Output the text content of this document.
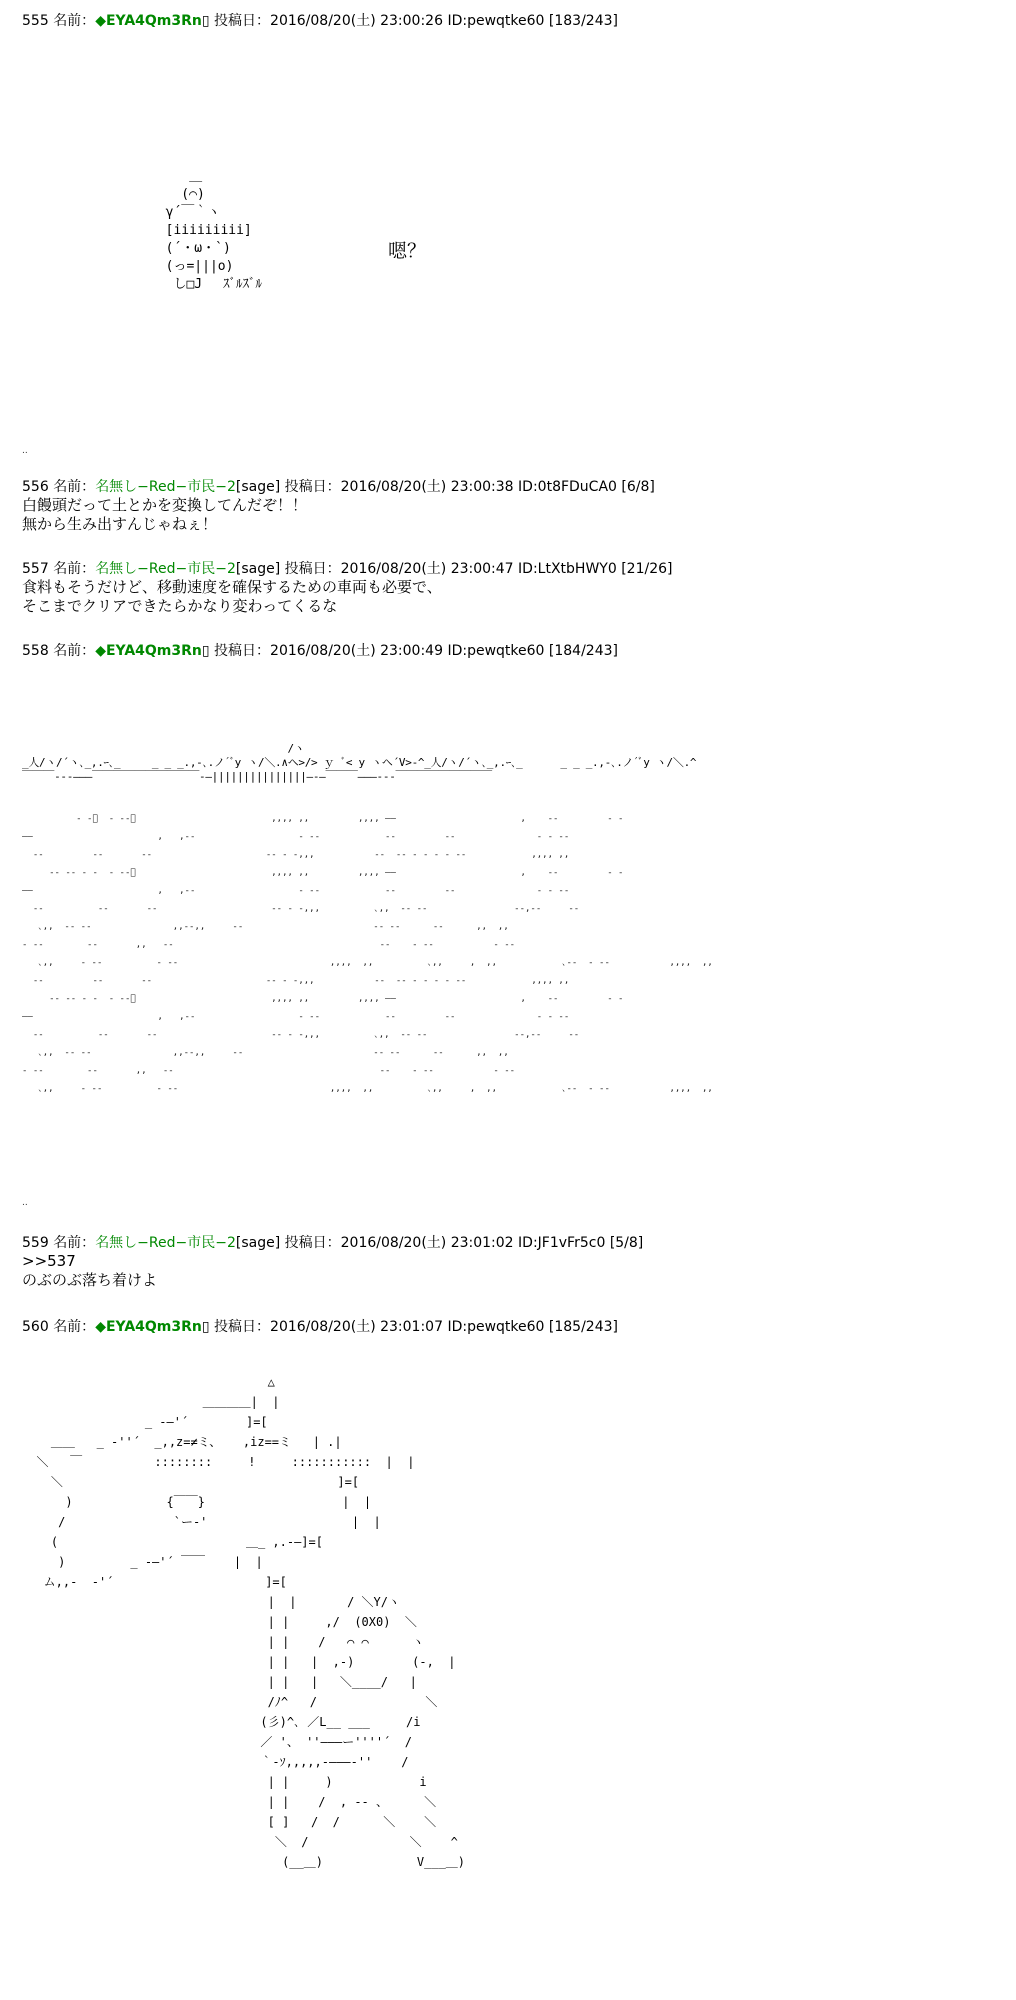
555 名前：◆EYA4Qm3Rn▯ 投稿日：2016/08/20(土) 23:00:26 ID:pewqtke60 [183/243]
＿
(⌒)
γ´￣｀ヽ
[iiiiiiiii]
(´・ω・`)
(っ=|||o)
し□J　 ｽﾞﾙｽﾞﾙ
嗯？
..
556 名前：名無し−Red−市民−2[sage] 投稿日：2016/08/20(土) 23:00:38 ID:0t8FDuCA0 [6/8]
白饅頭だって土とかを変換してんだぞ！！
無から生み出すんじゃねぇ！
557 名前：名無し−Red−市民−2[sage] 投稿日：2016/08/20(土) 23:00:47 ID:LtXtbHWY0 [21/26]
食料もそうだけど、移動速度を確保するための車両も必要で、
そこまでクリアできたらかなり変わってくるな
558 名前：◆EYA4Qm3Rn▯ 投稿日：2016/08/20(土) 23:00:49 ID:pewqtke60 [184/243]
/ヽ
_人/ヽ/´ヽ､_,.ｰ､_     _ _ _.,-､.ノ´ﾞy ヽ/＼.∧ヘ>/> ｙ ﾞ< y ヽヘ´V>‐^_人/ヽ/´ヽ､_,.ｰ､_      _ _ _.,-､.ノ´ﾞy ヽ/＼.^
￣￣￣‐‐‐―――￣￣￣￣￣￣￣￣￣￣‐―|||||||||||||||―‐―￣￣￣―――‐‐‐￣￣￣￣￣￣￣￣￣
- -ﾞ  - --ﾞ                         ,,,, ,,         ,,,, ――                       ,    --         - -
――                       ,   ,--                   - --            --         --               - - --
--         --       --                     -- - -,,,           --  -- - - - - --            ,,,, ,,
-- -- - -  - --ﾞ                         ,,,, ,,         ,,,, ――                       ,    --         - -
――                       ,   ,--                   - --            --         --               - - --
--          --       --                     -- - -,,,          ､,,  -- --                --,--     --
､,,  -- --               ,,--,,     --                        -- --      --      ,,  ,,
- --        --       ,,   --                                      --    - --           - --
､,,     - --          - --                            ,,,,  ,,          ､,,     ,  ,,            ､--  - --           ,,,,  ,,
--         --       --                     -- - -,,,           --  -- - - - - --            ,,,, ,,
-- -- - -  - --ﾞ                         ,,,, ,,         ,,,, ――                       ,    --         - -
――                       ,   ,--                   - --            --         --               - - --
--          --       --                     -- - -,,,          ､,,  -- --                --,--     --
､,,  -- --               ,,--,,     --                        -- --      --      ,,  ,,
- --        --       ,,   --                                      --    - --           - --
､,,     - --          - --                            ,,,,  ,,          ､,,     ,  ,,            ､--  - --           ,,,,  ,,
..
559 名前：名無し−Red−市民−2[sage] 投稿日：2016/08/20(土) 23:01:02 ID:JF1vFr5c0 [5/8]
>>537
のぶのぶ落ち着けよ
560 名前：◆EYA4Qm3Rn▯ 投稿日：2016/08/20(土) 23:01:07 ID:pewqtke60 [185/243]
△
＿＿＿＿|  |
_ -―'´        ]=[
＿＿   _ ‐''´  _,,z=≠ミ、   ,iz==ミ   | .|
＼   ￣          ::::::::     !     :::::::::::  |  |
＼                                      ]=[
)             {￣￣}                   |  |
/               `ー‐'                    |  |
(                          ＿_ ,.-―]=[
)         _ -―'´ ￣￣    |  |
ム,,-  ‐'´                     ]=[
|  |       / ＼Y/ヽ
| |     ,/  (0X0)  ＼
| |    /   ⌒ ⌒      ヽ
| |   |  ,-)        (-,  |
| |   |   ＼____/   |
/ﾉ^   /               ＼
(彡)^､ ／L__ ___     /i
／ '、 ''―――ー''''´  /
｀-ｿ,,,,,-―――‐''    /
| |     )            i
| |    /  , ‐- 、     ＼
[ ]   /  /      ＼    ＼
＼  /              ＼    ^
(__＿)             V___＿)
